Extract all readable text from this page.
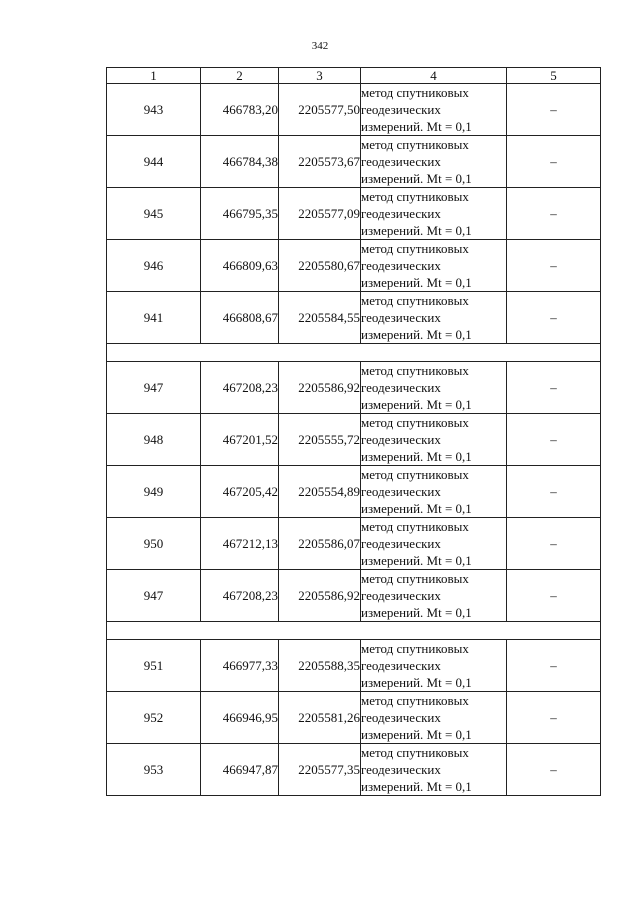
342
1	2	3	4	5
943	466783,20	2205577,50	метод спутниковых
геодезических
измерений. Mt = 0,1	–
944	466784,38	2205573,67	метод спутниковых
геодезических
измерений. Mt = 0,1	–
945	466795,35	2205577,09	метод спутниковых
геодезических
измерений. Mt = 0,1	–
946	466809,63	2205580,67	метод спутниковых
геодезических
измерений. Mt = 0,1	–
941	466808,67	2205584,55	метод спутниковых
геодезических
измерений. Mt = 0,1	–

947	467208,23	2205586,92	метод спутниковых
геодезических
измерений. Mt = 0,1	–
948	467201,52	2205555,72	метод спутниковых
геодезических
измерений. Mt = 0,1	–
949	467205,42	2205554,89	метод спутниковых
геодезических
измерений. Mt = 0,1	–
950	467212,13	2205586,07	метод спутниковых
геодезических
измерений. Mt = 0,1	–
947	467208,23	2205586,92	метод спутниковых
геодезических
измерений. Mt = 0,1	–

951	466977,33	2205588,35	метод спутниковых
геодезических
измерений. Mt = 0,1	–
952	466946,95	2205581,26	метод спутниковых
геодезических
измерений. Mt = 0,1	–
953	466947,87	2205577,35	метод спутниковых
геодезических
измерений. Mt = 0,1	–
